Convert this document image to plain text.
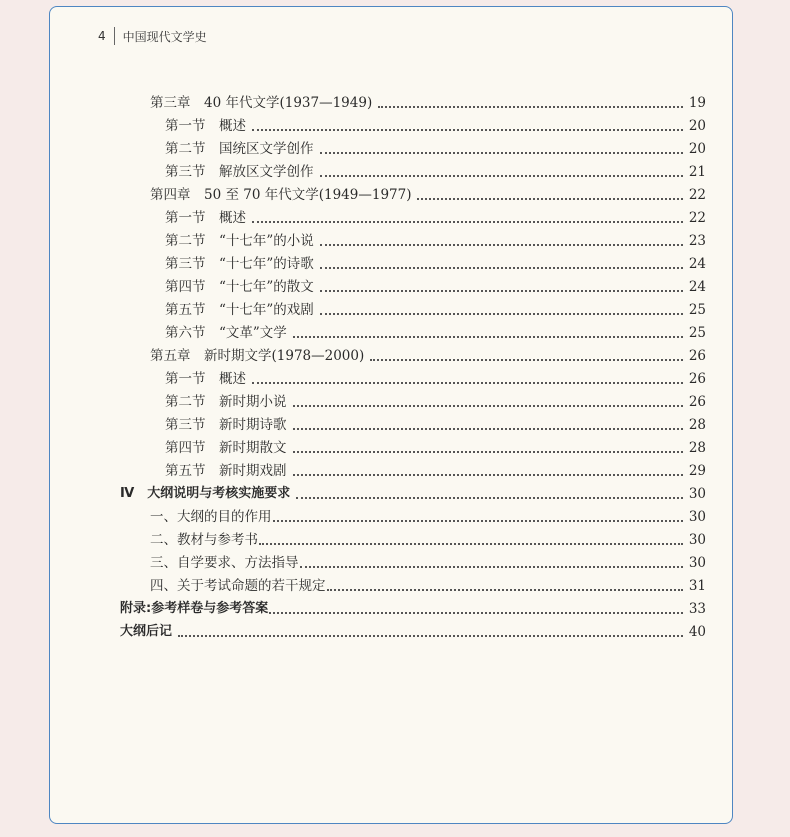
4 中国现代文学史
第三章　40 年代文学(1937—1949)	19
第一节　概述	20
第二节　国统区文学创作	20
第三节　解放区文学创作	21
第四章　50 至 70 年代文学(1949—1977)	22
第一节　概述	22
第二节　“十七年”的小说	23
第三节　“十七年”的诗歌	24
第四节　“十七年”的散文	24
第五节　“十七年”的戏剧	25
第六节　“文革”文学	25
第五章　新时期文学(1978—2000)	26
第一节　概述	26
第二节　新时期小说	26
第三节　新时期诗歌	28
第四节　新时期散文	28
第五节　新时期戏剧	29
Ⅳ　大纲说明与考核实施要求	30
一、大纲的目的作用	30
二、教材与参考书	30
三、自学要求、方法指导	30
四、关于考试命题的若干规定	31
附录:参考样卷与参考答案	33
大纲后记	40
